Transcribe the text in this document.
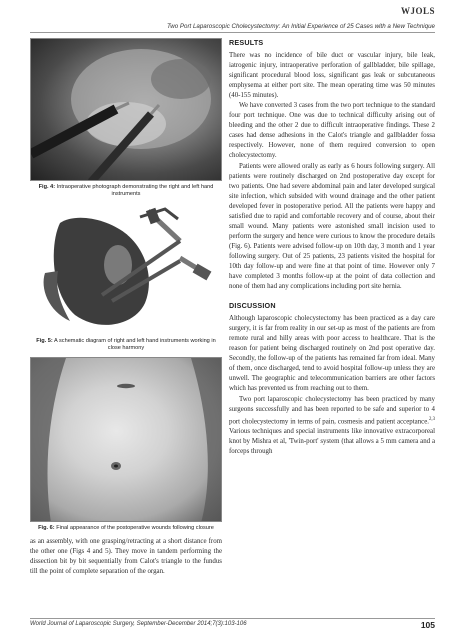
WJOLS
Two Port Laparoscopic Cholecystectomy: An Initial Experience of 25 Cases with a New Technique
Fig. 4: Intraoperative photograph demonstrating the right and left hand instruments
Fig. 5: A schematic diagram of right and left hand instruments working in close harmony
Fig. 6: Final appearance of the postoperative wounds following closure

as an assembly, with one grasping/retracting at a short distance from the other one (Figs 4 and 5). They move in tandem performing the dissection bit by bit sequentially from Calot's triangle to the fundus till the point of complete separation of the organ.

RESULTS

There was no incidence of bile duct or vascular injury, bile leak, iatrogenic injury, intraoperative perforation of gallbladder, bile spillage, significant procedural blood loss, significant gas leak or subcutaneous emphysema at either port site. The mean operating time was 50 minutes (40-155 minutes).

We have converted 3 cases from the two port technique to the standard four port technique. One was due to technical difficulty arising out of bleeding and the other 2 due to difficult intraoperative findings. These 2 cases had dense adhesions in the Calot's triangle and gallbladder fossa respectively. However, none of them required conversion to open cholecystectomy.

Patients were allowed orally as early as 6 hours following surgery. All patients were routinely discharged on 2nd postoperative day except for two patients. One had severe abdominal pain and later developed surgical site infection, which subsided with wound drainage and the other patient developed fever in postoperative period. All the patients were happy and satisfied due to rapid and comfortable recovery and of course, about their small wound. Many patients were astonished small incision used to perform the surgery and hence were curious to know the procedure details (Fig. 6). Patients were advised follow-up on 10th day, 3 month and 1 year following surgery. Out of 25 patients, 23 patients visited the hospital for 10th day follow-up and were fine at that point of time. However only 7 have completed 3 months follow-up at the point of data collection and none of them had any complications including port site hernia.

DISCUSSION

Although laparoscopic cholecystectomy has been practiced as a day care surgery, it is far from reality in our set-up as most of the patients are from remote rural and hilly areas with poor access to healthcare. That is the reason for patient being discharged routinely on 2nd post operative day. Secondly, the follow-up of the patients has remained far from ideal. Many of them, once discharged, tend to avoid hospital follow-up unless they are unwell. The geographic and telecommunication barriers are other factors which has prevented us from reaching out to them.

Two port laparoscopic cholecystectomy has been practiced by many surgeons successfully and has been reported to be safe and superior to 4 port cholecystectomy in terms of pain, cosmesis and patient acceptance.$^{2,3}$ Various techniques and special instruments like innovative extracorporeal knot by Mishra et al, 'Twin-port' system (that allows a 5 mm camera and a forceps through

World Journal of Laparoscopic Surgery, September-December 2014;7(3):103-106	105
